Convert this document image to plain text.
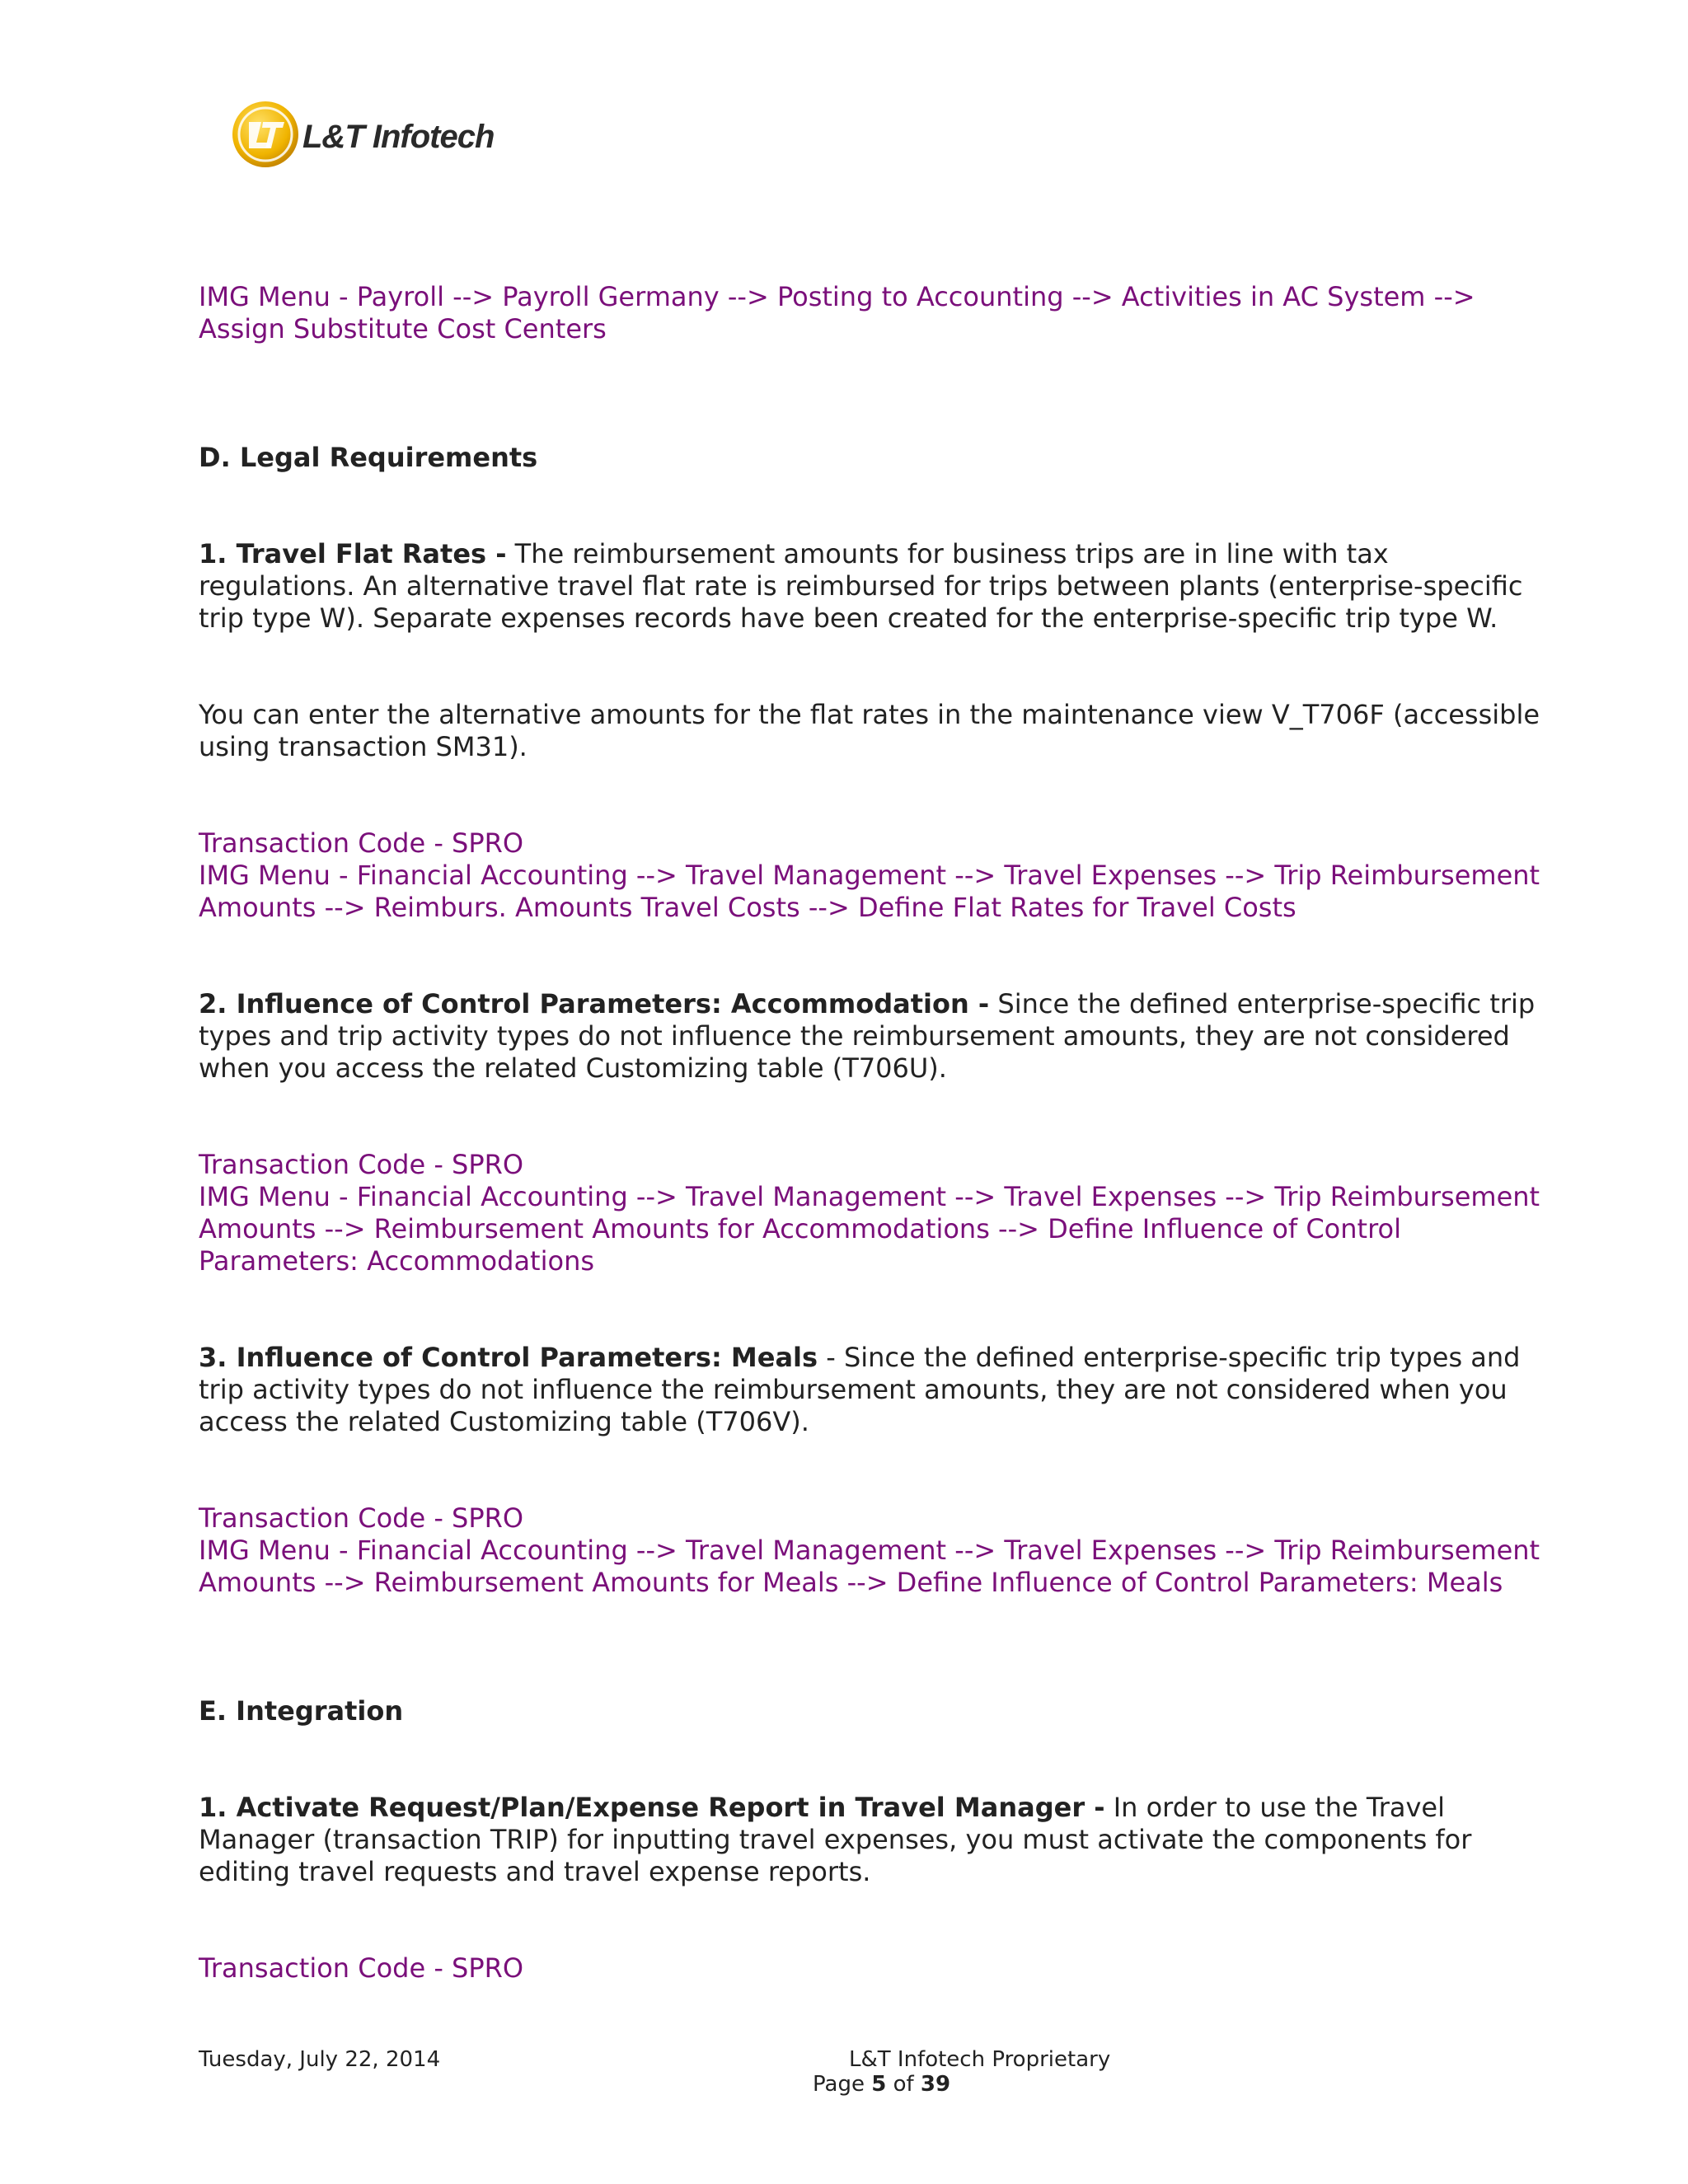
L&T Infotech

IMG Menu - Payroll --> Payroll Germany --> Posting to Accounting --> Activities in AC System --> Assign Substitute Cost Centers

D. Legal Requirements

1. Travel Flat Rates - The reimbursement amounts for business trips are in line with tax regulations. An alternative travel flat rate is reimbursed for trips between plants (enterprise-specific trip type W). Separate expenses records have been created for the enterprise-specific trip type W.

You can enter the alternative amounts for the flat rates in the maintenance view V_T706F (accessible using transaction SM31).

Transaction Code - SPRO

IMG Menu - Financial Accounting --> Travel Management --> Travel Expenses --> Trip Reimbursement Amounts --> Reimburs. Amounts Travel Costs --> Define Flat Rates for Travel Costs

2. Influence of Control Parameters: Accommodation - Since the defined enterprise-specific trip types and trip activity types do not influence the reimbursement amounts, they are not considered when you access the related Customizing table (T706U).

Transaction Code - SPRO

IMG Menu - Financial Accounting --> Travel Management --> Travel Expenses --> Trip Reimbursement Amounts --> Reimbursement Amounts for Accommodations --> Define Influence of Control Parameters: Accommodations

3. Influence of Control Parameters: Meals - Since the defined enterprise-specific trip types and trip activity types do not influence the reimbursement amounts, they are not considered when you access the related Customizing table (T706V).

Transaction Code - SPRO

IMG Menu - Financial Accounting --> Travel Management --> Travel Expenses --> Trip Reimbursement Amounts --> Reimbursement Amounts for Meals --> Define Influence of Control Parameters: Meals

E. Integration

1. Activate Request/Plan/Expense Report in Travel Manager - In order to use the Travel Manager (transaction TRIP) for inputting travel expenses, you must activate the components for editing travel requests and travel expense reports.

Transaction Code - SPRO

Tuesday, July 22, 2014	L&T Infotech Proprietary
Page 5 of 39
